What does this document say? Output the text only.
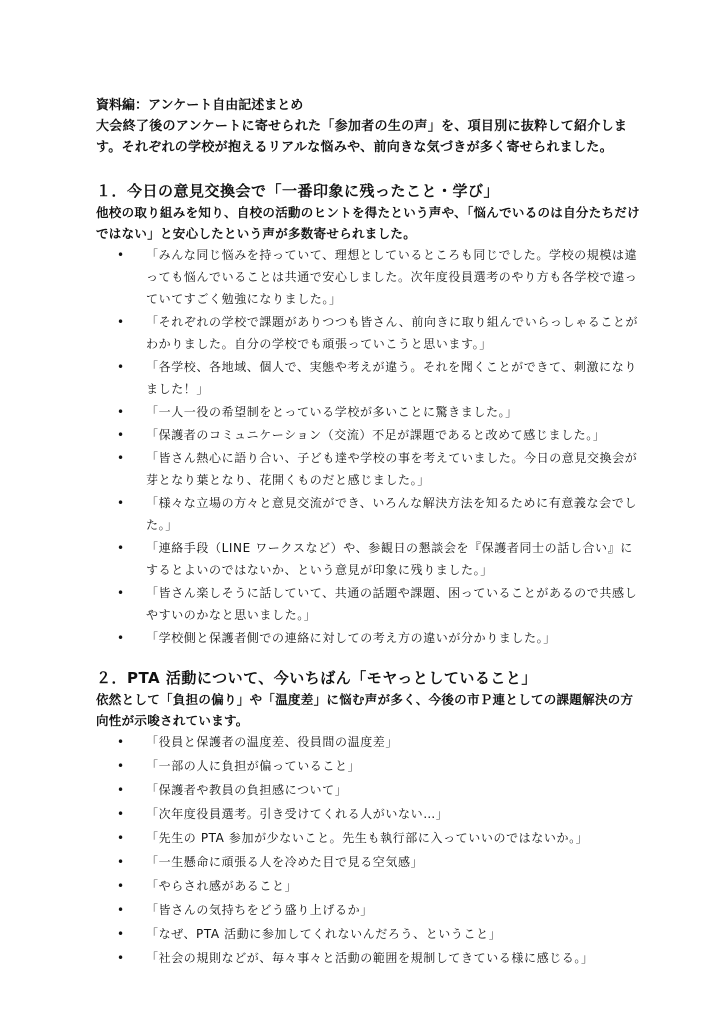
資料編：アンケート自由記述まとめ

大会終了後のアンケートに寄せられた「参加者の生の声」を、項目別に抜粋して紹介します。それぞれの学校が抱えるリアルな悩みや、前向きな気づきが多く寄せられました。

１．今日の意見交換会で「一番印象に残ったこと・学び」

他校の取り組みを知り、自校の活動のヒントを得たという声や、「悩んでいるのは自分たちだけではない」と安心したという声が多数寄せられました。

• 「みんな同じ悩みを持っていて、理想としているところも同じでした。学校の規模は違っても悩んでいることは共通で安心しました。次年度役員選考のやり方も各学校で違っていてすごく勉強になりました。」
• 「それぞれの学校で課題がありつつも皆さん、前向きに取り組んでいらっしゃることがわかりました。自分の学校でも頑張っていこうと思います。」
• 「各学校、各地域、個人で、実態や考えが違う。それを聞くことができて、刺激になりました！」
• 「一人一役の希望制をとっている学校が多いことに驚きました。」
• 「保護者のコミュニケーション（交流）不足が課題であると改めて感じました。」
• 「皆さん熱心に語り合い、子ども達や学校の事を考えていました。今日の意見交換会が芽となり葉となり、花開くものだと感じました。」
• 「様々な立場の方々と意見交流ができ、いろんな解決方法を知るために有意義な会でした。」
• 「連絡手段（LINE ワークスなど）や、参観日の懇談会を『保護者同士の話し合い』にするとよいのではないか、という意見が印象に残りました。」
• 「皆さん楽しそうに話していて、共通の話題や課題、困っていることがあるので共感しやすいのかなと思いました。」
• 「学校側と保護者側での連絡に対しての考え方の違いが分かりました。」
２．PTA 活動について、今いちばん「モヤっとしていること」

依然として「負担の偏り」や「温度差」に悩む声が多く、今後の市Ｐ連としての課題解決の方向性が示唆されています。

• 「役員と保護者の温度差、役員間の温度差」
• 「一部の人に負担が偏っていること」
• 「保護者や教員の負担感について」
• 「次年度役員選考。引き受けてくれる人がいない…」
• 「先生の PTA 参加が少ないこと。先生も執行部に入っていいのではないか。」
• 「一生懸命に頑張る人を冷めた目で見る空気感」
• 「やらされ感があること」
• 「皆さんの気持ちをどう盛り上げるか」
• 「なぜ、PTA 活動に参加してくれないんだろう、ということ」
• 「社会の規則などが、毎々事々と活動の範囲を規制してきている様に感じる。」
